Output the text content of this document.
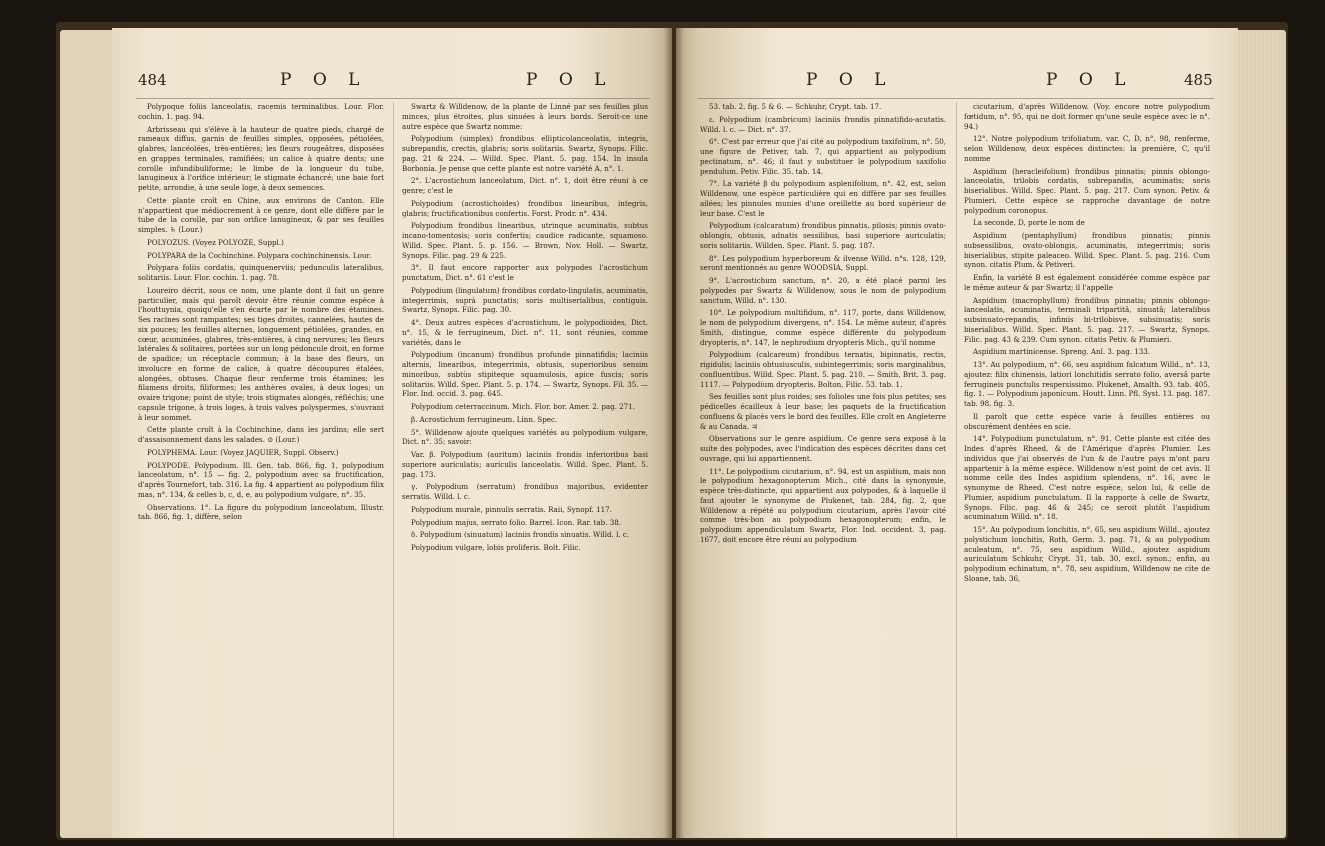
484	P O L	P O L

Polypoque foliis lanceolatis, racemis terminalibus. Lour. Flor. cochin. 1. pag. 94.

Arbrisseau qui s'élève à la hauteur de quatre pieds, chargé de rameaux diffus, garnis de feuilles simples, opposées, pétiolées, glabres, lancéolées, très-entières; les fleurs rougeâtres, disposées en grappes terminales, ramifiées; un calice à quatre dents; une corolle infundibuliforme; le limbe de la longueur du tube, lanugineux à l'orifice intérieur; le stigmate échancré; une baie fort petite, arrondie, à une seule loge, à deux semences.

Cette plante croît en Chine, aux environs de Canton. Elle n'appartient que médiocrement à ce genre, dont elle diffère par le tube de la corolle, par son orifice lanugineux, & par ses feuilles simples. ♄ (Lour.)

POLYOZUS. (Voyez POLYOZE, Suppl.)

POLYPARA de la Cochinchine. Polypara cochinchinensis. Lour.

Polypara foliis cordatis, quinquenerviis; pedunculis lateralibus, solitariis. Lour. Flor. cochin. 1. pag. 78.

Loureiro décrit, sous ce nom, une plante dont il fait un genre particulier, mais qui paroît devoir être réunie comme espèce à l'houttuynia, quoiqu'elle s'en écarte par le nombre des étamines. Ses racines sont rampantes; ses tiges droites, cannelées, hautes de six pouces; les feuilles alternes, longuement pétiolées, grandes, en cœur, acuminées, glabres, très-entières, à cinq nervures; les fleurs latérales & solitaires, portées sur un long pédoncule droit, en forme de spadice; un réceptacle commun; à la base des fleurs, un involucre en forme de calice, à quatre découpures étalées, alongées, obtuses. Chaque fleur renferme trois étamines; les filamens droits, filiformes; les anthères ovales, à deux loges; un ovaire trigone; point de style; trois stigmates alongés, réfléchis; une capsule trigone, à trois loges, à trois valves polyspermes, s'ouvrant à leur sommet.

Cette plante croît à la Cochinchine, dans les jardins; elle sert d'assaisonnement dans les salades. ⊙ (Lour.)

POLYPHEMA. Lour. (Voyez JAQUIER, Suppl. Observ.)

POLYPODE. Polypodium. Ill. Gen. tab. 866, fig. 1, polypodium lanceolatum, n°. 15 — fig. 2, polypodium avec sa fructification, d'après Tournefort, tab. 316. La fig. 4 appartient au polypodium filix mas, n°. 134, & celles b, c, d, e, au polypodium vulgare, n°. 35.

Observations. 1°. La figure du polypodium lanceolatum, Illustr. tab. 866, fig. 1, diffère, selon

Swartz & Willdenow, de la plante de Linné par ses feuilles plus minces, plus étroites, plus sinuées à leurs bords. Seroit-ce une autre espèce que Swartz nomme:

Polypodium (simplex) frondibus ellipticolanceolatis, integris, subrepandis, crectis, glabris; soris solitariis. Swartz, Synops. Filic. pag. 21 & 224. — Willd. Spec. Plant. 5. pag. 154. In insula Borbonia. Je pense que cette plante est notre variété A, n°. 1.

2°. L'acrostichum lanceolatum, Dict. n°. 1, doit être réuni à ce genre; c'est le

Polypodium (acrostichoides) frondibus linearibus, integris, glabris; fructificationibus confertis. Forst. Prodr. n°. 434.

Polypodium frondibus linearibus, utrinque acuminatis, subtus incano-tomentosis; soris confertis; caudice radicante, squamoso. Willd. Spec. Plant. 5. p. 156. — Brown, Nov. Holl. — Swartz, Synops. Filic. pag. 29 & 225.

3°. Il faut encore rapporter aux polypodes l'acrostichum punctatum, Dict. n°. 61 c'est le

Polypodium (lingulatum) frondibus cordato-lingulatis, acuminatis, integerrimis, suprà punctatis; soris multiserialibus, contiguis. Swartz, Synops. Filic. pag. 30.

4°. Deux autres espèces d'acrostichum, le polypodioides, Dict. n°. 15, & le ferrugineum, Dict. n°. 11, sont réunies, comme variétés, dans le

Polypodium (incanum) frondibus profunde pinnatifidis; laciniis alternis, linearibus, integerrimis, obtusis, superioribus sensim minoribus, subtùs stipiteque squamulosis, apice fuscis; soris solitariis. Willd. Spec. Plant. 5. p. 174. — Swartz, Synops. Fil. 35. — Flor. Ind. occid. 3. pag. 645.

Polypodium ceterraccinum. Mich. Flor. bor. Amer. 2. pag. 271.

β. Acrostichum ferrugineum. Linn. Spec.

5°. Willdenow ajoute quelques variétés au polypodium vulgare, Dict. n°. 35; savoir:

Var. β. Polypodium (auritum) laciniis frondis inferioribus basi superiore auriculatis; auriculis lanceolatis. Willd. Spec. Plant. 5. pag. 173.

γ. Polypodium (serratum) frondibus majoribus, evidenter serratis. Willd. l. c.

Polypodium murale, pinnulis serratis. Raii, Synopf. 117.

Polypodium majus, serrato folio. Barrel. Icon. Rar. tab. 38.

δ. Polypodium (sinuatum) laciniis frondis sinuatis. Willd. l. c.

Polypodium vulgare, lobis proliferis. Bolt. Filic.

P O L	P O L	485

53. tab. 2. fig. 5 & 6. — Schkuhr, Crypt. tab. 17.

ε. Polypodium (cambricum) laciniis frondis pinnatifido-acutatis. Willd. l. c. — Dict. n°. 37.

6°. C'est par erreur que j'ai cité au polypodium taxifolium, n°. 50, une figure de Petiver, tab. 7, qui appartient au polypodium pectinatum, n°. 46; il faut y substituer le polypodium saxifolio pendulum. Petiv. Filic. 35. tab. 14.

7°. La variété β du polypodium asplenifolium, n°. 42, est, selon Willdenow, une espèce particulière qui en diffère par ses feuilles ailées; les pinnules munies d'une oreillette au bord supérieur de leur base. C'est le

Polypodium (calcaratum) frondibus pinnatis, pilosis; pinnis ovato-oblongis, obtusis, adnatis sessilibus, basi superiore auriculatis; soris solitariis. Willden. Spec. Plant. 5. pag. 187.

8°. Les polypodium hyperboreum & ilvense Willd. n°s. 128, 129, seront mentionnés au genre WOODSIA, Suppl.

9°. L'acrostichum sanctum, n°. 20, a été placé parmi les polypodes par Swartz & Willdenow, sous le nom de polypodium sanctum, Willd. n°. 130.

10°. Le polypodium multifidum, n°. 117, porte, dans Willdenow, le nom de polypodium divergens, n°. 154. Le même auteur, d'après Smith, distingue, comme espèce différente du polypodium dryopteris, n°. 147, le nephrodium dryopteris Mich., qu'il nomme

Polypodium (calcareum) frondibus ternatis, bipinnatis, rectis, rigidulis; laciniis obtusiusculis, subintegerrimis; soris marginalibus, confluentibus. Willd. Spec. Plant. 5. pag. 210. — Smith, Brit. 3. pag. 1117. — Polypodium dryopteris. Bolton, Filic. 53. tab. 1.

Ses feuilles sont plus roides; ses folioles une fois plus petites; ses pédicelles écailleux à leur base; les paquets de la fructification confluens & placés vers le bord des feuilles. Elle croît en Angleterre & au Canada. ♃

Observations sur le genre aspidium. Ce genre sera exposé à la suite des polypodes, avec l'indication des espèces décrites dans cet ouvrage, qui lui appartiennent.

11°. Le polypodium cicutarium, n°. 94, est un aspidium, mais non le polypodium hexagonopterum Mich., cité dans la synonymie, espèce très-distincte, qui appartient aux polypodes, & à laquelle il faut ajouter le synonyme de Plukenet, tab. 284, fig. 2, que Willdenow a répété au polypodium cicutarium, après l'avoir cité comme très-bon au polypodium hexagonopterum; enfin, le polypodium appendiculatum Swartz, Flor. Ind. occident. 3, pag. 1677, doit encore être réuni au polypodium

cicutarium, d'après Willdenow. (Voy. encore notre polypodium fœtidum, n°. 95, qui ne doit former qu'une seule espèce avec le n°. 94.)

12°. Notre polypodium trifoliatum, var. C, D, n°. 98, renferme, selon Willdenow, deux espèces distinctes: la première, C, qu'il nomme

Aspidium (heracleifolium) frondibus pinnatis; pinnis oblongo-lanceolatis, trilobis cordatis, subrepandis, acuminatis; soris biserialibus. Willd. Spec. Plant. 5. pag. 217. Cum synon. Petiv. & Plumieri. Cette espèce se rapproche davantage de notre polypodium coronopus.

La seconde, D, porte le nom de

Aspidium (pentaphyllum) frondibus pinnatis; pinnis subsessilibus, ovato-oblongis, acuminatis, integerrimis; soris biserialibus, stipite paleaceo. Willd. Spec. Plant. 5. pag. 216. Cum synon. citatis Plum. & Petiveri.

Enfin, la variété B est également considérée comme espèce par le même auteur & par Swartz; il l'appelle

Aspidium (macrophyllum) frondibus pinnatis; pinnis oblongo-lanceolatis, acuminatis, terminali tripartitâ, sinuatâ; lateralibus subsinuato-repandis, infimis bi-trilobisve, subsinuatis; soris biserialibus. Willd. Spec. Plant. 5. pag. 217. — Swartz, Synops. Filic. pag. 43 & 239. Cum synon. citatis Petiv. & Plumieri.

Aspidium martinicense. Spreng. Anl. 3. pag. 133.

13°. Au polypodium, n°. 66, seu aspidium falcatum Willd., n°. 13, ajoutez: filix chinensis, latiori lonchitidis serrato folio, aversâ parte ferrugineis punctulis respersissimo. Plukenet, Amalth. 93. tab. 405. fig. 1. — Polypodium japonicum. Houtt. Linn. Pfl. Syst. 13. pag. 187. tab. 98. fig. 3.

Il paroît que cette espèce varie à feuilles entières ou obscurément dentées en scie.

14°. Polypodium punctulatum, n°. 91. Cette plante est citée des Indes d'après Rheed, & de l'Amérique d'après Plumier. Les individus que j'ai observés de l'un & de l'autre pays m'ont paru appartenir à la même espèce. Willdenow n'est point de cet avis. Il nomme celle des Indes aspidium splendens, n°. 16, avec le synonyme de Rheed. C'est notre espèce, selon lui, & celle de Plumier, aspidium punctulatum. Il la rapporte à celle de Swartz, Synops. Filic. pag. 46 & 245; ce seroit plutôt l'aspidium acuminatum Willd. n°. 18.

15°. Au polypodium lonchitis, n°. 65, seu aspidium Willd., ajoutez polystichum lonchitis, Roth, Germ. 3. pag. 71, & au polypodium aculeatum, n°. 75, seu aspidium Willd., ajoutez aspidium auriculatum Schkuhr, Crypt. 31, tab. 30, excl. synon.; enfin, au polypodium echinatum, n°. 78, seu aspidium, Willdenow ne cite de Sloane, tab. 36,
